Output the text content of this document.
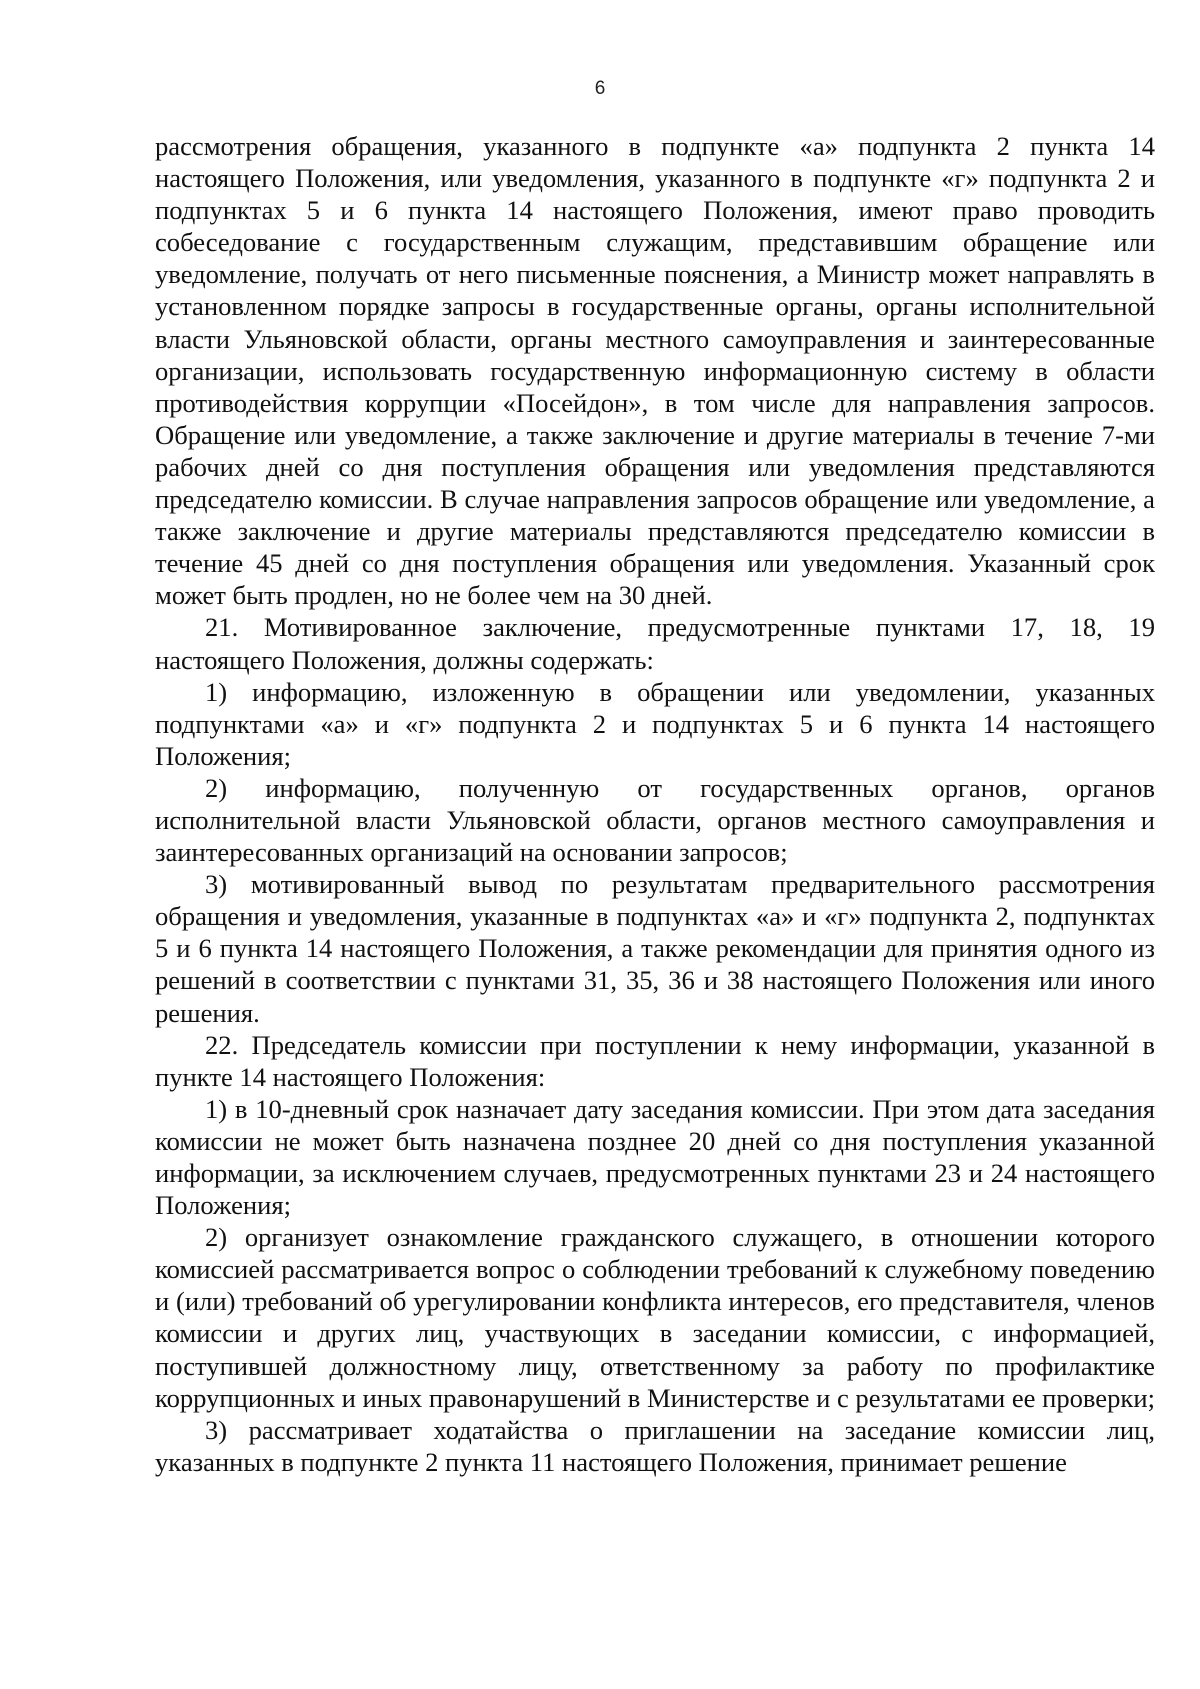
6

рассмотрения обращения, указанного в подпункте «а» подпункта 2 пункта 14 настоящего Положения, или уведомления, указанного в подпункте «г» подпункта 2 и подпунктах 5 и 6 пункта 14 настоящего Положения, имеют право проводить собеседование с государственным служащим, представившим обращение или уведомление, получать от него письменные пояснения, а Министр может направлять в установленном порядке запросы в государственные органы, органы исполнительной власти Ульяновской области, органы местного самоуправления и заинтересованные организации, использовать государственную информационную систему в области противодействия коррупции «Посейдон», в том числе для направления запросов. Обращение или уведомление, а также заключение и другие материалы в течение 7-ми рабочих дней со дня поступления обращения или уведомления представляются председателю комиссии. В случае направления запросов обращение или уведомление, а также заключение и другие материалы представляются председателю комиссии в течение 45 дней со дня поступления обращения или уведомления. Указанный срок может быть продлен, но не более чем на 30 дней.

21. Мотивированное заключение, предусмотренные пунктами 17, 18, 19 настоящего Положения, должны содержать:

1) информацию, изложенную в обращении или уведомлении, указанных подпунктами «а» и «г» подпункта 2 и подпунктах 5 и 6 пункта 14 настоящего Положения;

2) информацию, полученную от государственных органов, органов исполнительной власти Ульяновской области, органов местного самоуправления и заинтересованных организаций на основании запросов;

3) мотивированный вывод по результатам предварительного рассмотрения обращения и уведомления, указанные в подпунктах «а» и «г» подпункта 2, подпунктах 5 и 6 пункта 14 настоящего Положения, а также рекомендации для принятия одного из решений в соответствии с пунктами 31, 35, 36 и 38 настоящего Положения или иного решения.

22. Председатель комиссии при поступлении к нему информации, указанной в пункте 14 настоящего Положения:

1) в 10-дневный срок назначает дату заседания комиссии. При этом дата заседания комиссии не может быть назначена позднее 20 дней со дня поступления указанной информации, за исключением случаев, предусмотренных пунктами 23 и 24 настоящего Положения;

2) организует ознакомление гражданского служащего, в отношении которого комиссией рассматривается вопрос о соблюдении требований к служебному поведению и (или) требований об урегулировании конфликта интересов, его представителя, членов комиссии и других лиц, участвующих в заседании комиссии, с информацией, поступившей должностному лицу, ответственному за работу по профилактике коррупционных и иных правонарушений в Министерстве и с результатами ее проверки;

3) рассматривает ходатайства о приглашении на заседание комиссии лиц, указанных в подпункте 2 пункта 11 настоящего Положения, принимает решение
